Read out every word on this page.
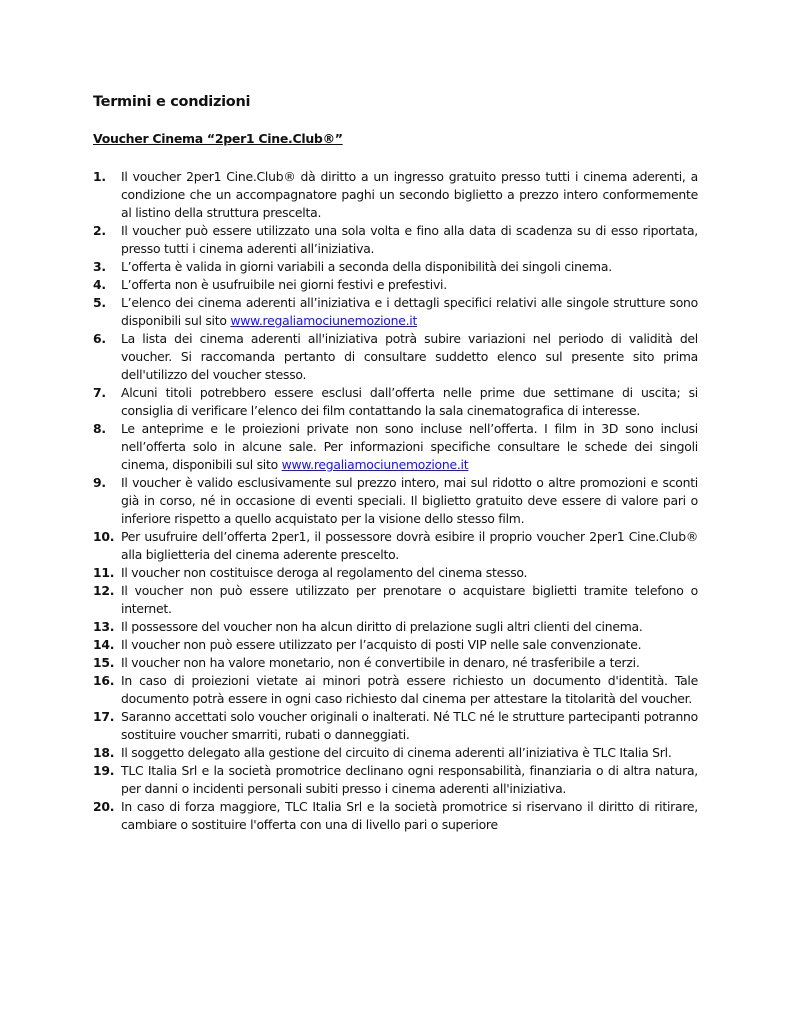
Termini e condizioni
Voucher Cinema “2per1 Cine.Club®”
1.	Il voucher 2per1 Cine.Club® dà diritto a un ingresso gratuito presso tutti i cinema aderenti, a condizione che un accompagnatore paghi un secondo biglietto a prezzo intero conformemente al listino della struttura prescelta.
2.	Il voucher può essere utilizzato una sola volta e fino alla data di scadenza su di esso riportata, presso tutti i cinema aderenti all’iniziativa.
3.	L’offerta è valida in giorni variabili a seconda della disponibilità dei singoli cinema.
4.	L’offerta non è usufruibile nei giorni festivi e prefestivi.
5.	L’elenco dei cinema aderenti all’iniziativa e i dettagli specifici relativi alle singole strutture sono disponibili sul sito www.regaliamociunemozione.it
6.	La lista dei cinema aderenti all'iniziativa potrà subire variazioni nel periodo di validità del voucher. Si raccomanda pertanto di consultare suddetto elenco sul presente sito prima dell'utilizzo del voucher stesso.
7.	Alcuni titoli potrebbero essere esclusi dall’offerta nelle prime due settimane di uscita; si consiglia di verificare l’elenco dei film contattando la sala cinematografica di interesse.
8.	Le anteprime e le proiezioni private non sono incluse nell’offerta. I film in 3D sono inclusi nell’offerta solo in alcune sale. Per informazioni specifiche consultare le schede dei singoli cinema, disponibili sul sito www.regaliamociunemozione.it
9.	Il voucher è valido esclusivamente sul prezzo intero, mai sul ridotto o altre promozioni e sconti già in corso, né in occasione di eventi speciali. Il biglietto gratuito deve essere di valore pari o inferiore rispetto a quello acquistato per la visione dello stesso film.
10. Per usufruire dell’offerta 2per1, il possessore dovrà esibire il proprio voucher 2per1 Cine.Club® alla biglietteria del cinema aderente prescelto.
11. Il voucher non costituisce deroga al regolamento del cinema stesso.
12. Il voucher non può essere utilizzato per prenotare o acquistare biglietti tramite telefono o internet.
13. Il possessore del voucher non ha alcun diritto di prelazione sugli altri clienti del cinema.
14. Il voucher non può essere utilizzato per l’acquisto di posti VIP nelle sale convenzionate.
15. Il voucher non ha valore monetario, non é convertibile in denaro, né trasferibile a terzi.
16. In caso di proiezioni vietate ai minori potrà essere richiesto un documento d'identità. Tale documento potrà essere in ogni caso richiesto dal cinema per attestare la titolarità del voucher.
17. Saranno accettati solo voucher originali o inalterati. Né TLC né le strutture partecipanti potranno sostituire voucher smarriti, rubati o danneggiati.
18. Il soggetto delegato alla gestione del circuito di cinema aderenti all’iniziativa è TLC Italia Srl.
19. TLC Italia Srl e la società promotrice declinano ogni responsabilità, finanziaria o di altra natura, per danni o incidenti personali subiti presso i cinema aderenti all'iniziativa.
20. In caso di forza maggiore, TLC Italia Srl e la società promotrice si riservano il diritto di ritirare, cambiare o sostituire l'offerta con una di livello pari o superiore
